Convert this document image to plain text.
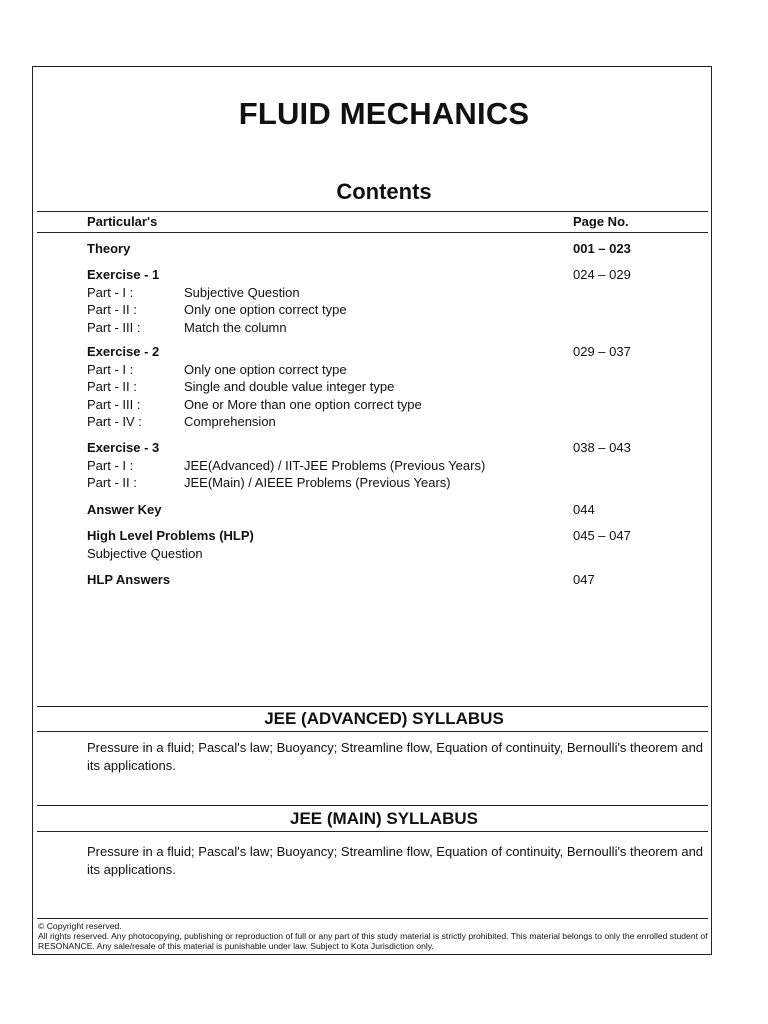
FLUID MECHANICS
Contents
Particular's	Page No.
Theory	001 – 023
Exercise - 1	024 – 029
Part - I :	Subjective Question
Part - II :	Only one option correct type
Part - III :	Match the column
Exercise - 2	029 – 037
Part - I :	Only one option correct type
Part - II :	Single and double value integer type
Part - III :	One or More than one option correct type
Part - IV :	Comprehension
Exercise - 3	038 – 043
Part - I :	JEE(Advanced) / IIT-JEE Problems (Previous Years)
Part - II :	JEE(Main) / AIEEE Problems (Previous Years)
Answer Key	044
High Level Problems (HLP)	045 – 047
Subjective Question
HLP Answers	047
JEE (ADVANCED) SYLLABUS
Pressure in a fluid; Pascal's law; Buoyancy; Streamline flow, Equation of continuity, Bernoulli's theorem and its applications.
JEE (MAIN) SYLLABUS
Pressure in a fluid; Pascal's law; Buoyancy; Streamline flow, Equation of continuity, Bernoulli's theorem and its applications.
© Copyright reserved.
All rights reserved. Any photocopying, publishing or reproduction of full or any part of this study material is strictly prohibited. This material belongs to only the enrolled student of RESONANCE. Any sale/resale of this material is punishable under law. Subject to Kota Jurisdiction only.
